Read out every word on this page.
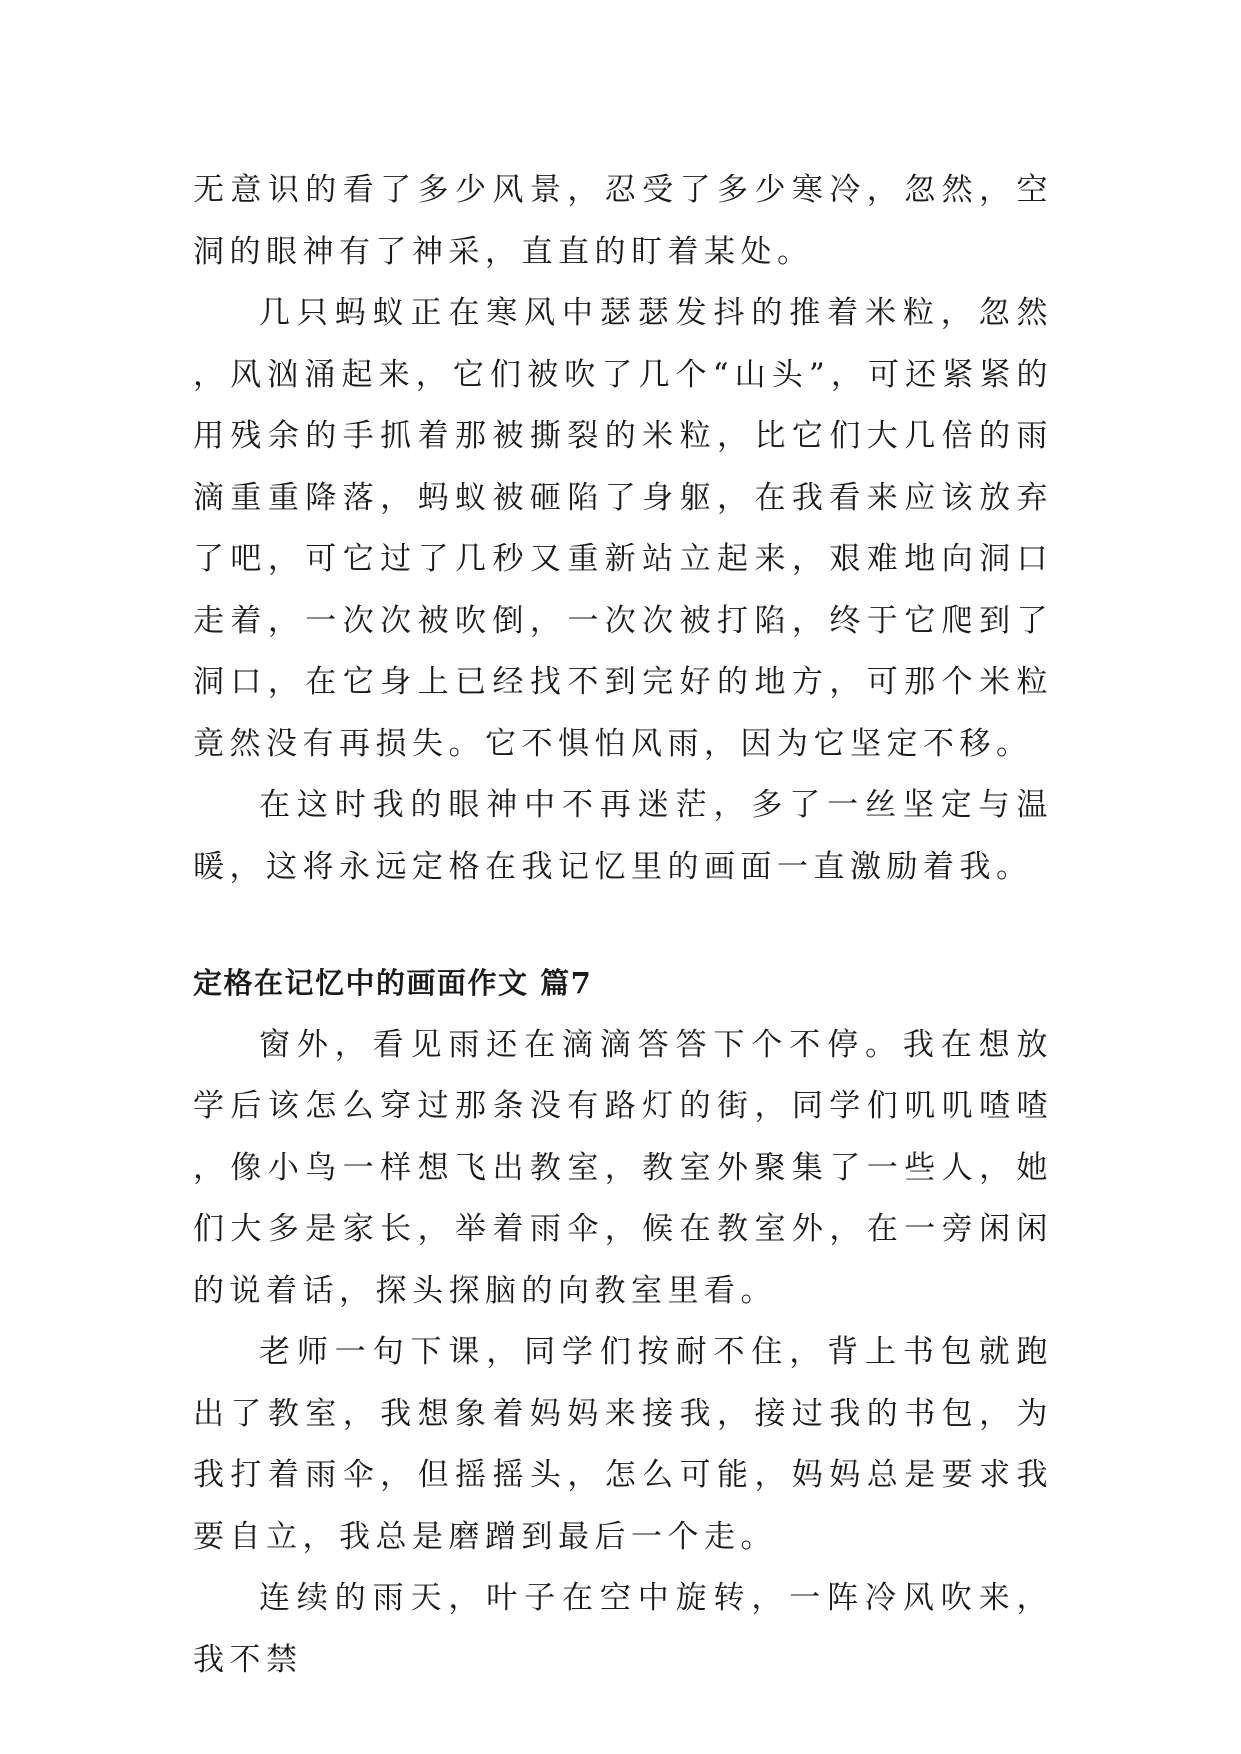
无意识的看了多少风景，忍受了多少寒冷，忽然，空洞的眼神有了神采，直直的盯着某处。

几只蚂蚁正在寒风中瑟瑟发抖的推着米粒，忽然，风汹涌起来，它们被吹了几个“山头”，可还紧紧的用残余的手抓着那被撕裂的米粒，比它们大几倍的雨滴重重降落，蚂蚁被砸陷了身躯，在我看来应该放弃了吧，可它过了几秒又重新站立起来，艰难地向洞口走着，一次次被吹倒，一次次被打陷，终于它爬到了洞口，在它身上已经找不到完好的地方，可那个米粒竟然没有再损失。它不惧怕风雨，因为它坚定不移。

在这时我的眼神中不再迷茫，多了一丝坚定与温暖，这将永远定格在我记忆里的画面一直激励着我。

定格在记忆中的画面作文 篇7

窗外，看见雨还在滴滴答答下个不停。我在想放学后该怎么穿过那条没有路灯的街，同学们叽叽喳喳，像小鸟一样想飞出教室，教室外聚集了一些人，她们大多是家长，举着雨伞，候在教室外，在一旁闲闲的说着话，探头探脑的向教室里看。

老师一句下课，同学们按耐不住，背上书包就跑出了教室，我想象着妈妈来接我，接过我的书包，为我打着雨伞，但摇摇头，怎么可能，妈妈总是要求我要自立，我总是磨蹭到最后一个走。

连续的雨天，叶子在空中旋转，一阵冷风吹来，我不禁
